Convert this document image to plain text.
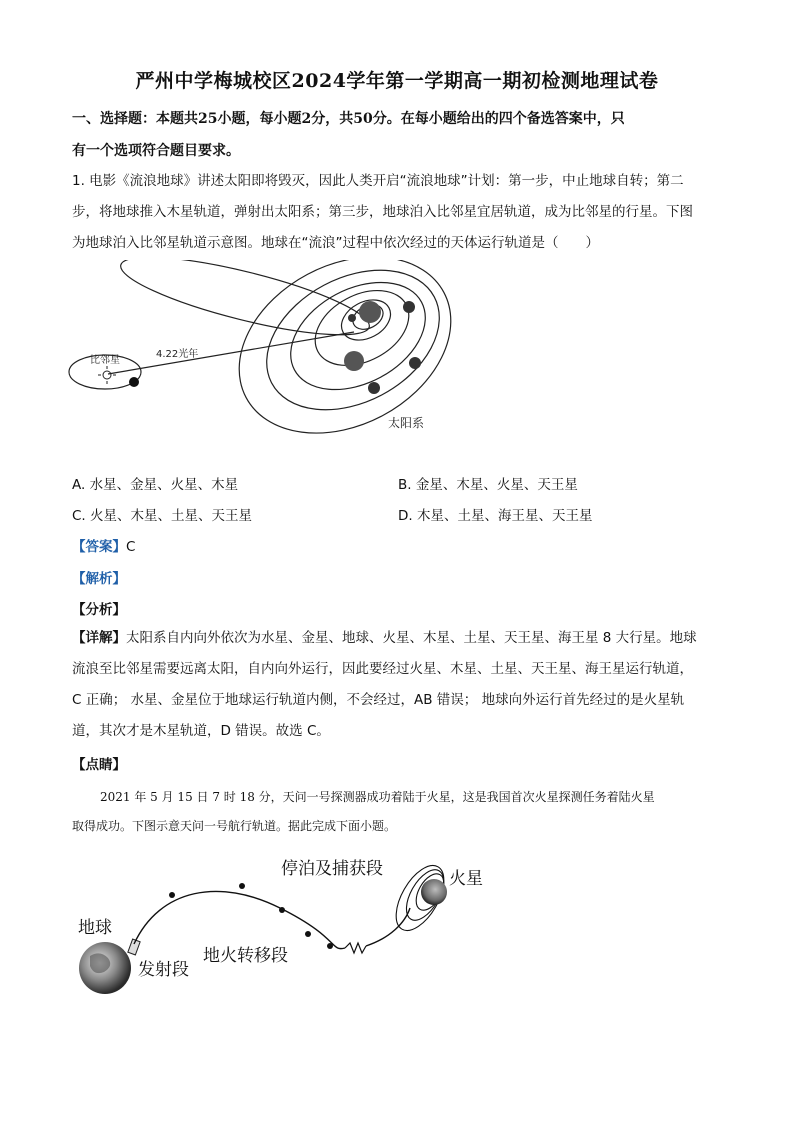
严州中学梅城校区2024学年第一学期高一期初检测地理试卷
一、选择题：本题共25小题，每小题2分，共50分。在每小题给出的四个备选答案中，只
有一个选项符合题目要求。
1. 电影《流浪地球》讲述太阳即将毁灭，因此人类开启“流浪地球”计划：第一步，中止地球自转；第二
步，将地球推入木星轨道，弹射出太阳系；第三步，地球泊入比邻星宜居轨道，成为比邻星的行星。下图
为地球泊入比邻星轨道示意图。地球在“流浪”过程中依次经过的天体运行轨道是（　　）
比邻星
4.22光年
太阳系
A. 水星、金星、火星、木星	B. 金星、木星、火星、天王星
C. 火星、木星、土星、天王星	D. 木星、土星、海王星、天王星
【答案】C
【解析】
【分析】
【详解】太阳系自内向外依次为水星、金星、地球、火星、木星、土星、天王星、海王星 8 大行星。地球
流浪至比邻星需要远离太阳，自内向外运行，因此要经过火星、木星、土星、天王星、海王星运行轨道，
C 正确； 水星、金星位于地球运行轨道内侧，不会经过，AB 错误； 地球向外运行首先经过的是火星轨
道，其次才是木星轨道，D 错误。故选 C。
【点睛】
2021 年 5 月 15 日 7 时 18 分，天问一号探测器成功着陆于火星，这是我国首次火星探测任务着陆火星
取得成功。下图示意天问一号航行轨道。据此完成下面小题。
地球
发射段
地火转移段
停泊及捕获段	火星
